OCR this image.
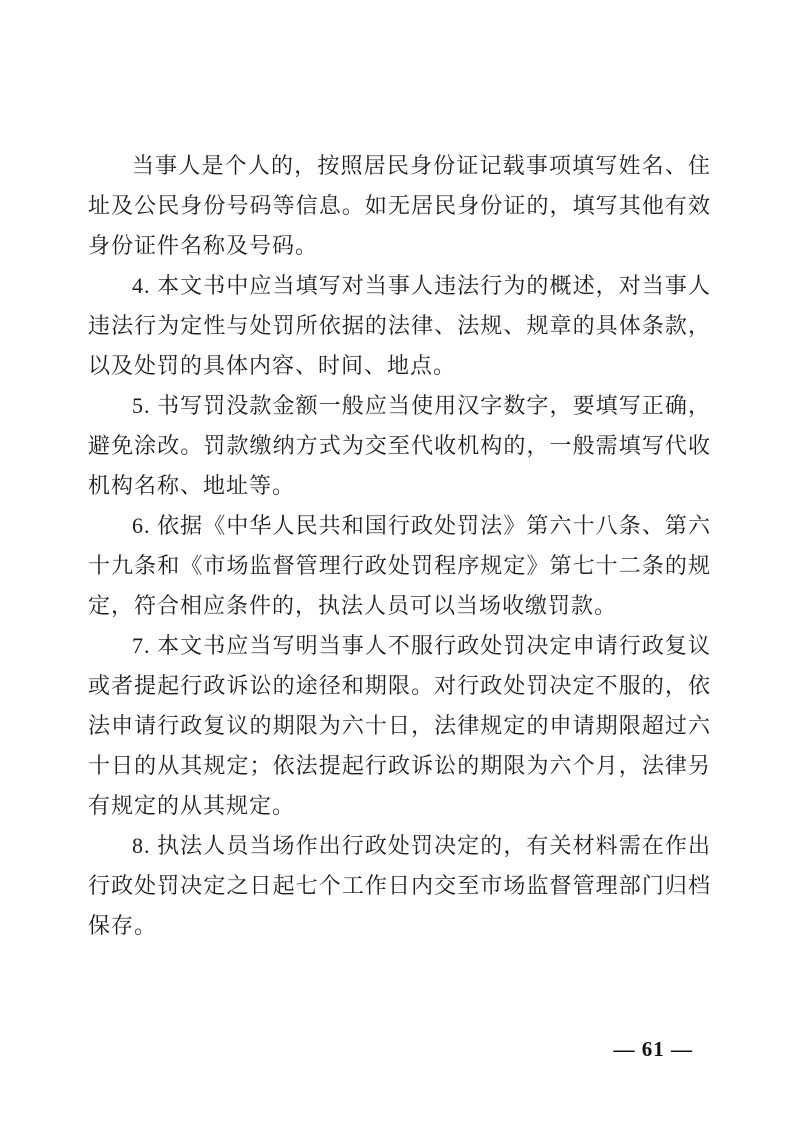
当事人是个人的，按照居民身份证记载事项填写姓名、住址及公民身份号码等信息。如无居民身份证的，填写其他有效身份证件名称及号码。

4. 本文书中应当填写对当事人违法行为的概述，对当事人违法行为定性与处罚所依据的法律、法规、规章的具体条款，以及处罚的具体内容、时间、地点。

5. 书写罚没款金额一般应当使用汉字数字，要填写正确，避免涂改。罚款缴纳方式为交至代收机构的，一般需填写代收机构名称、地址等。

6. 依据《中华人民共和国行政处罚法》第六十八条、第六十九条和《市场监督管理行政处罚程序规定》第七十二条的规定，符合相应条件的，执法人员可以当场收缴罚款。

7. 本文书应当写明当事人不服行政处罚决定申请行政复议或者提起行政诉讼的途径和期限。对行政处罚决定不服的，依法申请行政复议的期限为六十日，法律规定的申请期限超过六十日的从其规定；依法提起行政诉讼的期限为六个月，法律另有规定的从其规定。

8. 执法人员当场作出行政处罚决定的，有关材料需在作出行政处罚决定之日起七个工作日内交至市场监督管理部门归档保存。

— 61 —
